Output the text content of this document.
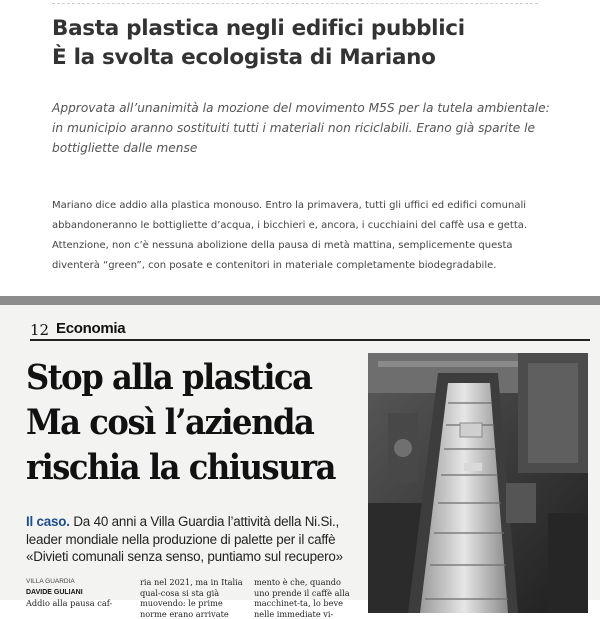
Basta plastica negli edifici pubblici
È la svolta ecologista di Mariano

Approvata all’unanimità la mozione del movimento M5S per la tutela ambientale: in municipio aranno sostituiti tutti i materiali non riciclabili. Erano già sparite le bottigliette dalle mense

Mariano dice addio alla plastica monouso. Entro la primavera, tutti gli uffici ed edifici comunali abbandoneranno le bottigliette d’acqua, i bicchieri e, ancora, i cucchiaini del caffè usa e getta. Attenzione, non c’è nessuna abolizione della pausa di metà mattina, semplicemente questa diventerà “green”, con posate e contenitori in materiale completamente biodegradabile.

12 Economia
Stop alla plastica
Ma così l’azienda
rischia la chiusura

Il caso. Da 40 anni a Villa Guardia l’attività della Ni.Si., leader mondiale nella produzione di palette per il caffè «Divieti comunali senza senso, puntiamo sul recupero»

VILLA GUARDIA
DAVIDE GULIANI
Addio alla pausa caf-
ria nel 2021, ma in Italia qual-cosa si sta già muovendo: le prime norme erano arrivate
mento è che, quando uno prende il caffè alla macchinet-ta, lo beve nelle immediate vi-
